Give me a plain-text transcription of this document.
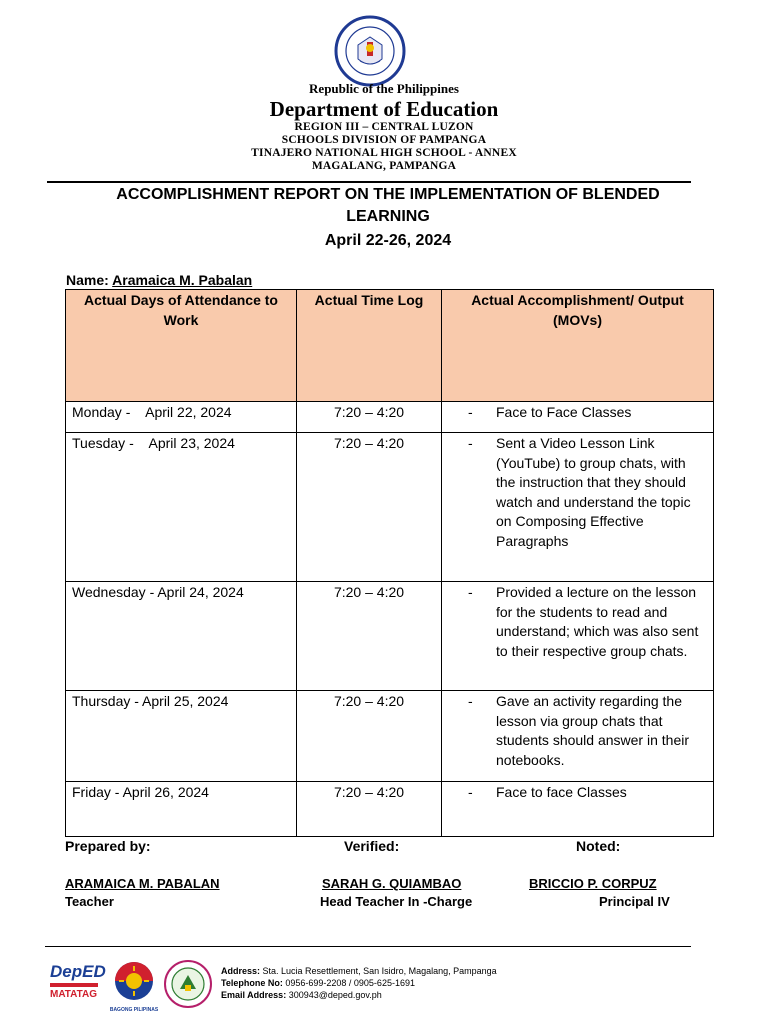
Republic of the Philippines
Department of Education
REGION III – CENTRAL LUZON
SCHOOLS DIVISION OF PAMPANGA
TINAJERO NATIONAL HIGH SCHOOL - ANNEX
MAGALANG, PAMPANGA
ACCOMPLISHMENT REPORT ON THE IMPLEMENTATION OF BLENDED
LEARNING
April 22-26, 2024
Name: Aramaica M. Pabalan
Actual Days of Attendance to Work	Actual Time Log	Actual Accomplishment/ Output (MOVs)
Monday -    April 22, 2024	7:20 – 4:20	- Face to Face Classes

Tuesday -    April 23, 2024	7:20 – 4:20	- Sent a Video Lesson Link (YouTube) to group chats, with the instruction that they should watch and understand the topic on Composing Effective Paragraphs

Wednesday - April 24, 2024	7:20 – 4:20	- Provided a lecture on the lesson for the students to read and understand; which was also sent to their respective group chats.

Thursday - April 25, 2024	7:20 – 4:20	- Gave an activity regarding the lesson via group chats that students should answer in their notebooks.

Friday - April 26, 2024	7:20 – 4:20	- Face to face Classes
Prepared by:	Verified:	Noted:
ARAMAICA M. PABALAN
Teacher
SARAH G. QUIAMBAO
Head Teacher In -Charge
BRICCIO P. CORPUZ
Principal IV
DepED
MATATAG
BAGONG PILIPINAS
Address: Sta. Lucia Resettlement, San Isidro, Magalang, Pampanga
Telephone No: 0956-699-2208 / 0905-625-1691
Email Address: 300943@deped.gov.ph
